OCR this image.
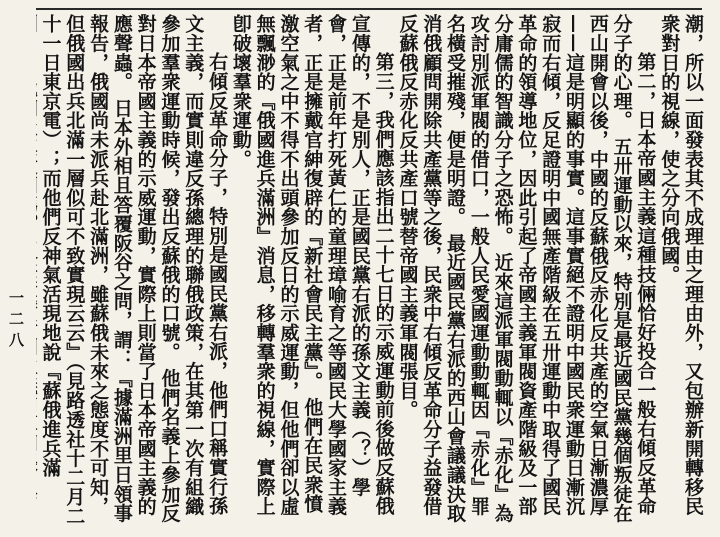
潮，所以一面發表其不成理由之理由外，又包辦新開轉移民衆對日的視線，使之分向俄國。

第二，日本帝國主義這種技倆恰好投合一般右傾反革命分子的心理。 五卅運動以來，特別是最近國民黨幾個叛徒在西山開會以後，中國的反蘇俄反赤化反共產的空氣日漸濃厚——這是明顯的事實。這事實絕不證明中國民衆運動日漸沉寂而右傾，反足證明中國無產階級在五卅運動中取得了國民革命的領導地位，因此引起了帝國主義軍閥資產階級及一部分庸儒的智識分子之恐怖。 近來這派軍閥動輒以『赤化』為攻討別派軍閥的借口，一般人民愛國運動動輒因『赤化』罪名橫受摧殘，便是明證。 最近國民黨右派的西山會議議決取消俄顧問開除共產黨等之後，民衆中右傾反革命分子益發借反蘇俄反赤化反共產口號替帝國主義軍閥張目。

第三，我們應該指出二十七日的示威運動前後做反蘇俄宣傳的，不是別人，正是國民黨右派的孫文主義（？）學會，正是前年打死黃仁的童理璋喻育之等國民大學國家主義者，正是擁戴官紳復辟的『新社會民主黨』。 他們在民衆憤激空氣之中不得不出頭參加反日的示威運動，但他們卻以虛無飄渺的『俄國進兵滿洲』消息，移轉羣衆的視線，實際上卽破壞羣衆運動。

右傾反革命分子，特別是國民黨右派，他們口稱實行孫文主義，而實則違反孫總理的聯俄政策，在其第一次有組織參加羣衆運動時候，發出反蘇俄的口號。 他們名義上參加反對日本帝國主義的示威運動，實際上則當了日本帝國主義的應聲蟲。 日本外相且答覆阪谷之問，謂：『據滿洲里日領事報告，俄國尚未派兵赴北滿洲，雖蘇俄未來之態度不可知，但俄國出兵北滿一層似可不致實現云云』（見路透社十二月二十一日東京電）；而他們反神氣活現地說『蘇俄進兵滿

一二八
